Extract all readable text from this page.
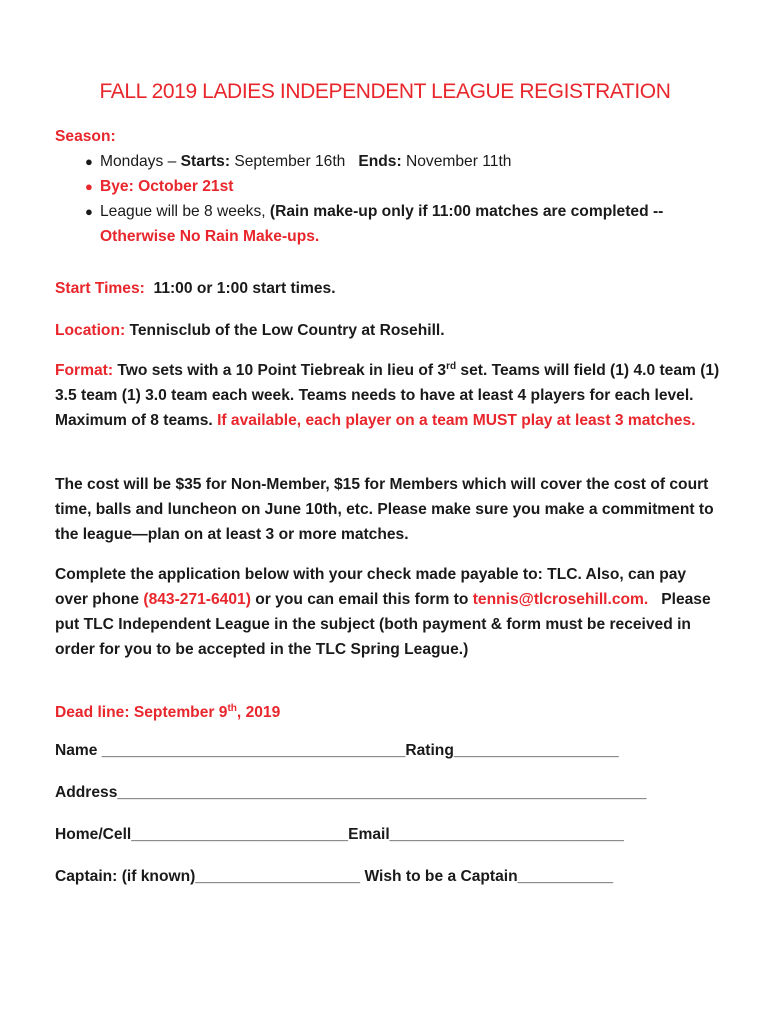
FALL 2019 LADIES INDEPENDENT LEAGUE REGISTRATION
Season:
● Mondays – Starts: September 16th   Ends: November 11th
● Bye: October 21st
● League will be 8 weeks, (Rain make-up only if 11:00 matches are completed -- Otherwise No Rain Make-ups.
Start Times:  11:00 or 1:00 start times.
Location: Tennisclub of the Low Country at Rosehill.
Format: Two sets with a 10 Point Tiebreak in lieu of 3rd set. Teams will field (1) 4.0 team (1) 3.5 team (1) 3.0 team each week. Teams needs to have at least 4 players for each level. Maximum of 8 teams. If available, each player on a team MUST play at least 3 matches.
The cost will be $35 for Non-Member, $15 for Members which will cover the cost of court time, balls and luncheon on June 10th, etc. Please make sure you make a commitment to the league—plan on at least 3 or more matches.
Complete the application below with your check made payable to: TLC. Also, can pay over phone (843-271-6401) or you can email this form to tennis@tlcrosehill.com.   Please put TLC Independent League in the subject (both payment & form must be received in order for you to be accepted in the TLC Spring League.)
Dead line: September 9th, 2019
Name ___________________________________Rating___________________
Address_____________________________________________________________
Home/Cell_________________________Email___________________________
Captain: (if known)___________________ Wish to be a Captain___________
